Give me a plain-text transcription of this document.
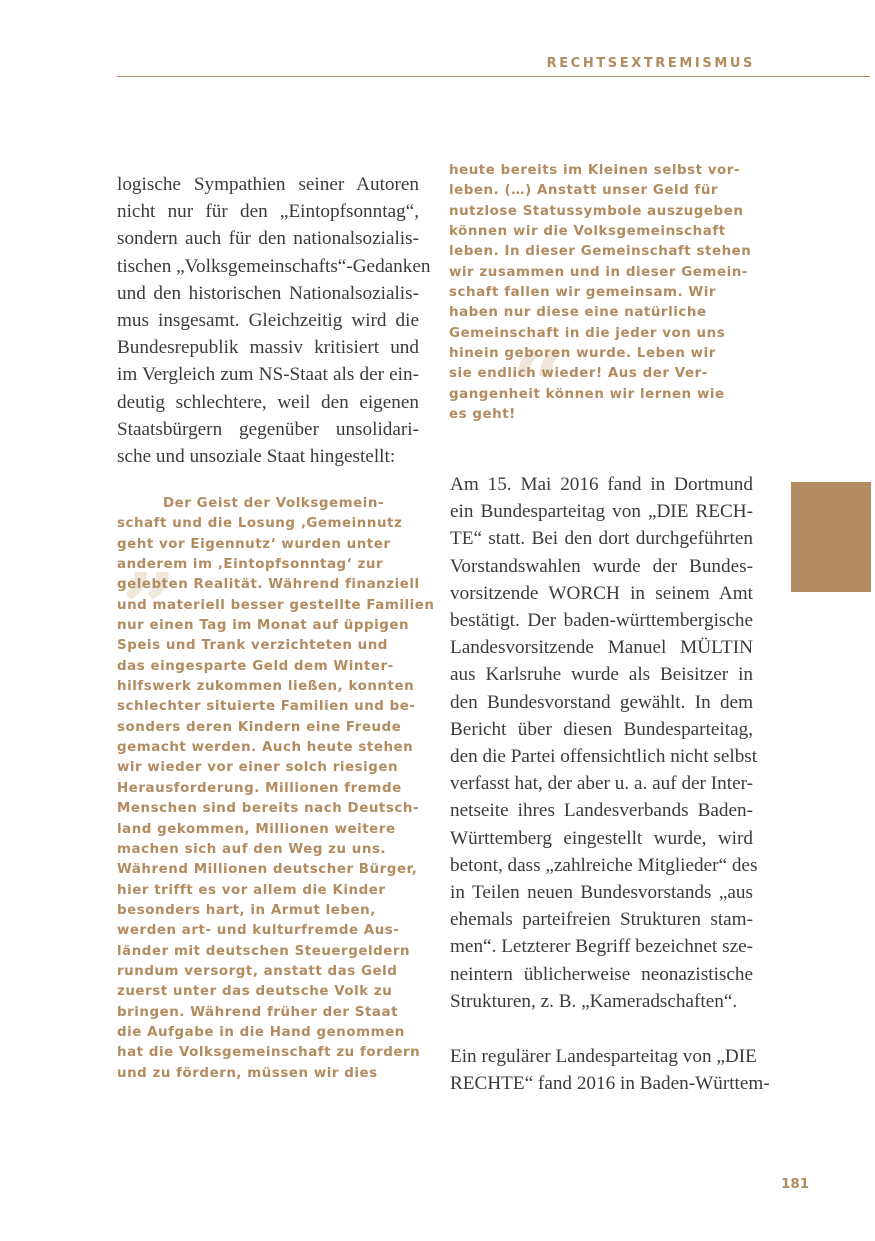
RECHTSEXTREMISMUS

logische Sympathien seiner Autoren
nicht nur für den „Eintopfsonntag“,
sondern auch für den nationalsozialis-
tischen „Volksgemeinschafts“-Gedanken
und den historischen Nationalsozialis-
mus insgesamt. Gleichzeitig wird die
Bundesrepublik massiv kritisiert und
im Vergleich zum NS-Staat als der ein-
deutig schlechtere, weil den eigenen
Staatsbürgern gegenüber unsolidari-
sche und unsoziale Staat hingestellt:

„

Der Geist der Volksgemein-
schaft und die Losung ‚Gemeinnutz
geht vor Eigennutz‘ wurden unter
anderem im ‚Eintopfsonntag‘ zur
gelebten Realität. Während finanziell
und materiell besser gestellte Familien
nur einen Tag im Monat auf üppigen
Speis und Trank verzichteten und
das eingesparte Geld dem Winter-
hilfswerk zukommen ließen, konnten
schlechter situierte Familien und be-
sonders deren Kindern eine Freude
gemacht werden. Auch heute stehen
wir wieder vor einer solch riesigen
Herausforderung. Millionen fremde
Menschen sind bereits nach Deutsch-
land gekommen, Millionen weitere
machen sich auf den Weg zu uns.
Während Millionen deutscher Bürger,
hier trifft es vor allem die Kinder
besonders hart, in Armut leben,
werden art- und kulturfremde Aus-
länder mit deutschen Steuergeldern
rundum versorgt, anstatt das Geld
zuerst unter das deutsche Volk zu
bringen. Während früher der Staat
die Aufgabe in die Hand genommen
hat die Volksgemeinschaft zu fordern
und zu fördern, müssen wir dies

“

heute bereits im Kleinen selbst vor-
leben. (…) Anstatt unser Geld für
nutzlose Statussymbole auszugeben
können wir die Volksgemeinschaft
leben. In dieser Gemeinschaft stehen
wir zusammen und in dieser Gemein-
schaft fallen wir gemeinsam. Wir
haben nur diese eine natürliche
Gemeinschaft in die jeder von uns
hinein geboren wurde. Leben wir
sie endlich wieder! Aus der Ver-
gangenheit können wir lernen wie
es geht!

Am 15. Mai 2016 fand in Dortmund
ein Bundesparteitag von „DIE RECH-
TE“ statt. Bei den dort durchgeführten
Vorstandswahlen wurde der Bundes-
vorsitzende WORCH in seinem Amt
bestätigt. Der baden-württembergische
Landesvorsitzende Manuel MÜLTIN
aus Karlsruhe wurde als Beisitzer in
den Bundesvorstand gewählt. In dem
Bericht über diesen Bundesparteitag,
den die Partei offensichtlich nicht selbst
verfasst hat, der aber u. a. auf der Inter-
netseite ihres Landesverbands Baden-
Württemberg eingestellt wurde, wird
betont, dass „zahlreiche Mitglieder“ des
in Teilen neuen Bundesvorstands „aus
ehemals parteifreien Strukturen stam-
men“. Letzterer Begriff bezeichnet sze-
neintern üblicherweise neonazistische
Strukturen, z. B. „Kameradschaften“.

Ein regulärer Landesparteitag von „DIE
RECHTE“ fand 2016 in Baden-Württem-

181
